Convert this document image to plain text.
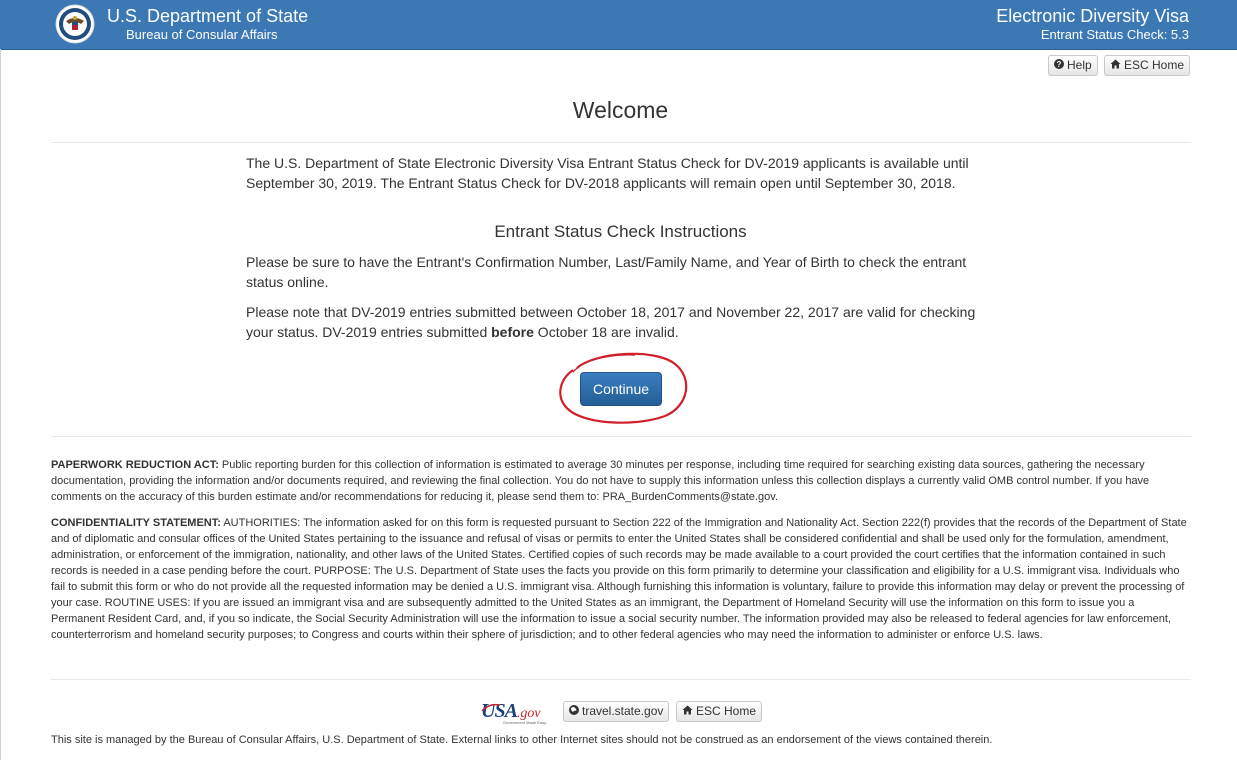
U.S. Department of State
Bureau of Consular Affairs
Electronic Diversity Visa
Entrant Status Check: 5.3
? Help	ESC Home
Welcome
The U.S. Department of State Electronic Diversity Visa Entrant Status Check for DV-2019 applicants is available until September 30, 2019. The Entrant Status Check for DV-2018 applicants will remain open until September 30, 2018.
Entrant Status Check Instructions
Please be sure to have the Entrant's Confirmation Number, Last/Family Name, and Year of Birth to check the entrant status online.
Please note that DV-2019 entries submitted between October 18, 2017 and November 22, 2017 are valid for checking your status. DV-2019 entries submitted before October 18 are invalid.
Continue
PAPERWORK REDUCTION ACT: Public reporting burden for this collection of information is estimated to average 30 minutes per response, including time required for searching existing data sources, gathering the necessary documentation, providing the information and/or documents required, and reviewing the final collection. You do not have to supply this information unless this collection displays a currently valid OMB control number. If you have comments on the accuracy of this burden estimate and/or recommendations for reducing it, please send them to: PRA_BurdenComments@state.gov.
CONFIDENTIALITY STATEMENT: AUTHORITIES: The information asked for on this form is requested pursuant to Section 222 of the Immigration and Nationality Act. Section 222(f) provides that the records of the Department of State and of diplomatic and consular offices of the United States pertaining to the issuance and refusal of visas or permits to enter the United States shall be considered confidential and shall be used only for the formulation, amendment, administration, or enforcement of the immigration, nationality, and other laws of the United States. Certified copies of such records may be made available to a court provided the court certifies that the information contained in such records is needed in a case pending before the court. PURPOSE: The U.S. Department of State uses the facts you provide on this form primarily to determine your classification and eligibility for a U.S. immigrant visa. Individuals who fail to submit this form or who do not provide all the requested information may be denied a U.S. immigrant visa. Although furnishing this information is voluntary, failure to provide this information may delay or prevent the processing of your case. ROUTINE USES: If you are issued an immigrant visa and are subsequently admitted to the United States as an immigrant, the Department of Homeland Security will use the information on this form to issue you a Permanent Resident Card, and, if you so indicate, the Social Security Administration will use the information to issue a social security number. The information provided may also be released to federal agencies for law enforcement, counterterrorism and homeland security purposes; to Congress and courts within their sphere of jurisdiction; and to other federal agencies who may need the information to administer or enforce U.S. laws.
USA.gov
Government Made Easy
travel.state.gov	ESC Home
This site is managed by the Bureau of Consular Affairs, U.S. Department of State. External links to other Internet sites should not be construed as an endorsement of the views contained therein.
